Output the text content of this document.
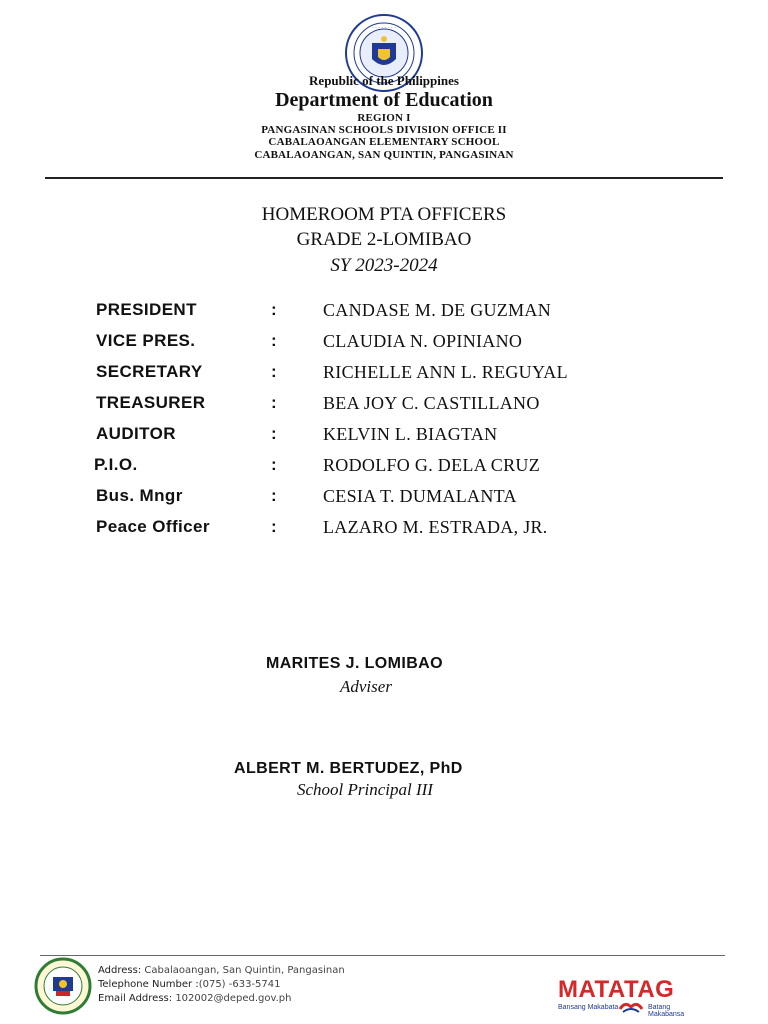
· · · · · · · ·
Republic of the Philippines
Department of Education
REGION I
PANGASINAN SCHOOLS DIVISION OFFICE II
CABALAOANGAN ELEMENTARY SCHOOL
CABALAOANGAN, SAN QUINTIN, PANGASINAN
HOMEROOM PTA OFFICERS
GRADE 2-LOMIBAO
SY 2023-2024
PRESIDENT	:	CANDASE M. DE GUZMAN
VICE PRES.	:	CLAUDIA N. OPINIANO
SECRETARY	:	RICHELLE ANN L. REGUYAL
TREASURER	:	BEA JOY C. CASTILLANO
AUDITOR	:	KELVIN L. BIAGTAN
P.I.O.	:	RODOLFO G. DELA CRUZ
Bus. Mngr	:	CESIA T. DUMALANTA
Peace Officer	:	LAZARO M. ESTRADA, JR.
MARITES J. LOMIBAO
Adviser
ALBERT M. BERTUDEZ, PhD
School Principal III
Address: Cabalaoangan, San Quintin, Pangasinan
Telephone Number :(075) -633-5741
Email Address: 102002@deped.gov.ph	MATATAG
Bansang Makabata	Batang Makabansa
